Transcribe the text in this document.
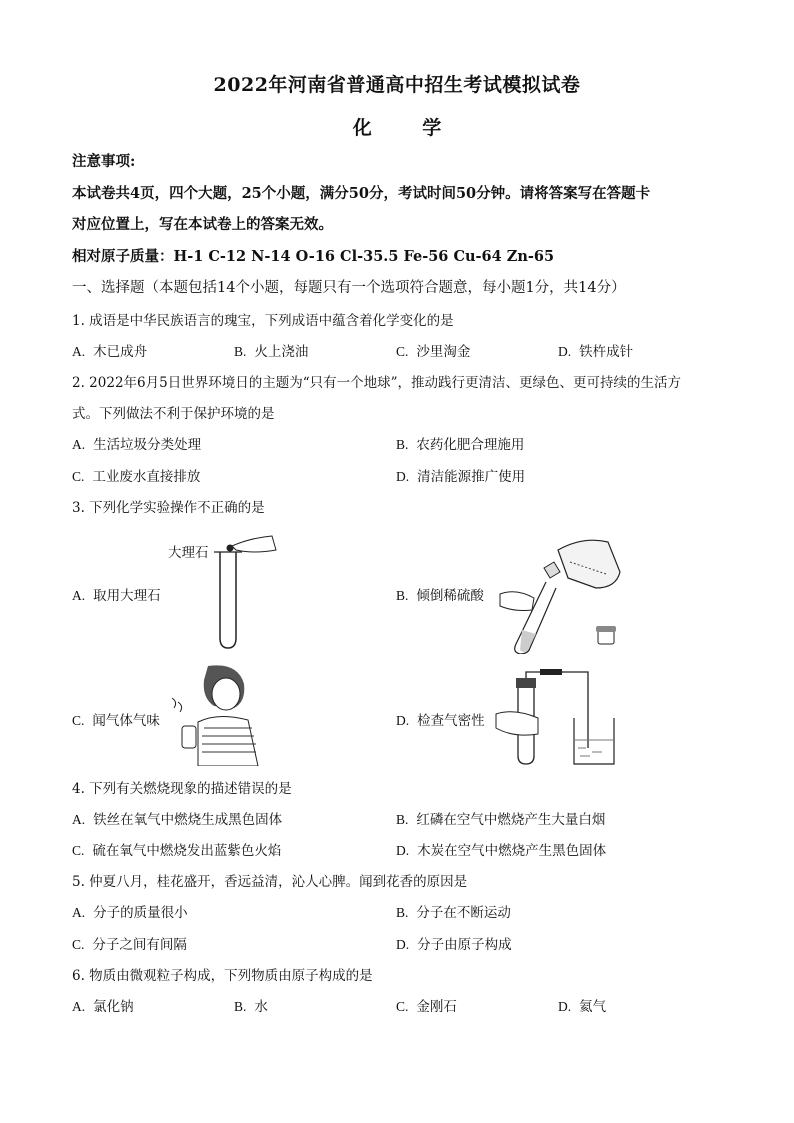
2022年河南省普通高中招生考试模拟试卷
化 学
注意事项:
本试卷共4页，四个大题，25个小题，满分50分，考试时间50分钟。请将答案写在答题卡
对应位置上，写在本试卷上的答案无效。
相对原子质量：H-1 C-12 N-14 O-16 Cl-35.5 Fe-56 Cu-64 Zn-65
一、选择题（本题包括14个小题，每题只有一个选项符合题意，每小题1分，共14分）
1. 成语是中华民族语言的瑰宝，下列成语中蕴含着化学变化的是
A. 木已成舟	B. 火上浇油	C. 沙里淘金	D. 铁杵成针
2. 2022年6月5日世界环境日的主题为“只有一个地球”，推动践行更清洁、更绿色、更可持续的生活方
式。下列做法不利于保护环境的是
A. 生活垃圾分类处理	B. 农药化肥合理施用
C. 工业废水直接排放	D. 清洁能源推广使用
3. 下列化学实验操作不正确的是
A. 取用大理石
大理石
B. 倾倒稀硫酸
C. 闻气体气味	D. 检查气密性
4. 下列有关燃烧现象的描述错误的是
A. 铁丝在氧气中燃烧生成黑色固体	B. 红磷在空气中燃烧产生大量白烟
C. 硫在氧气中燃烧发出蓝紫色火焰	D. 木炭在空气中燃烧产生黑色固体
5. 仲夏八月，桂花盛开，香远益清，沁人心脾。闻到花香的原因是
A. 分子的质量很小	B. 分子在不断运动
C. 分子之间有间隔	D. 分子由原子构成
6. 物质由微观粒子构成，下列物质由原子构成的是
A. 氯化钠	B. 水	C. 金刚石	D. 氦气
